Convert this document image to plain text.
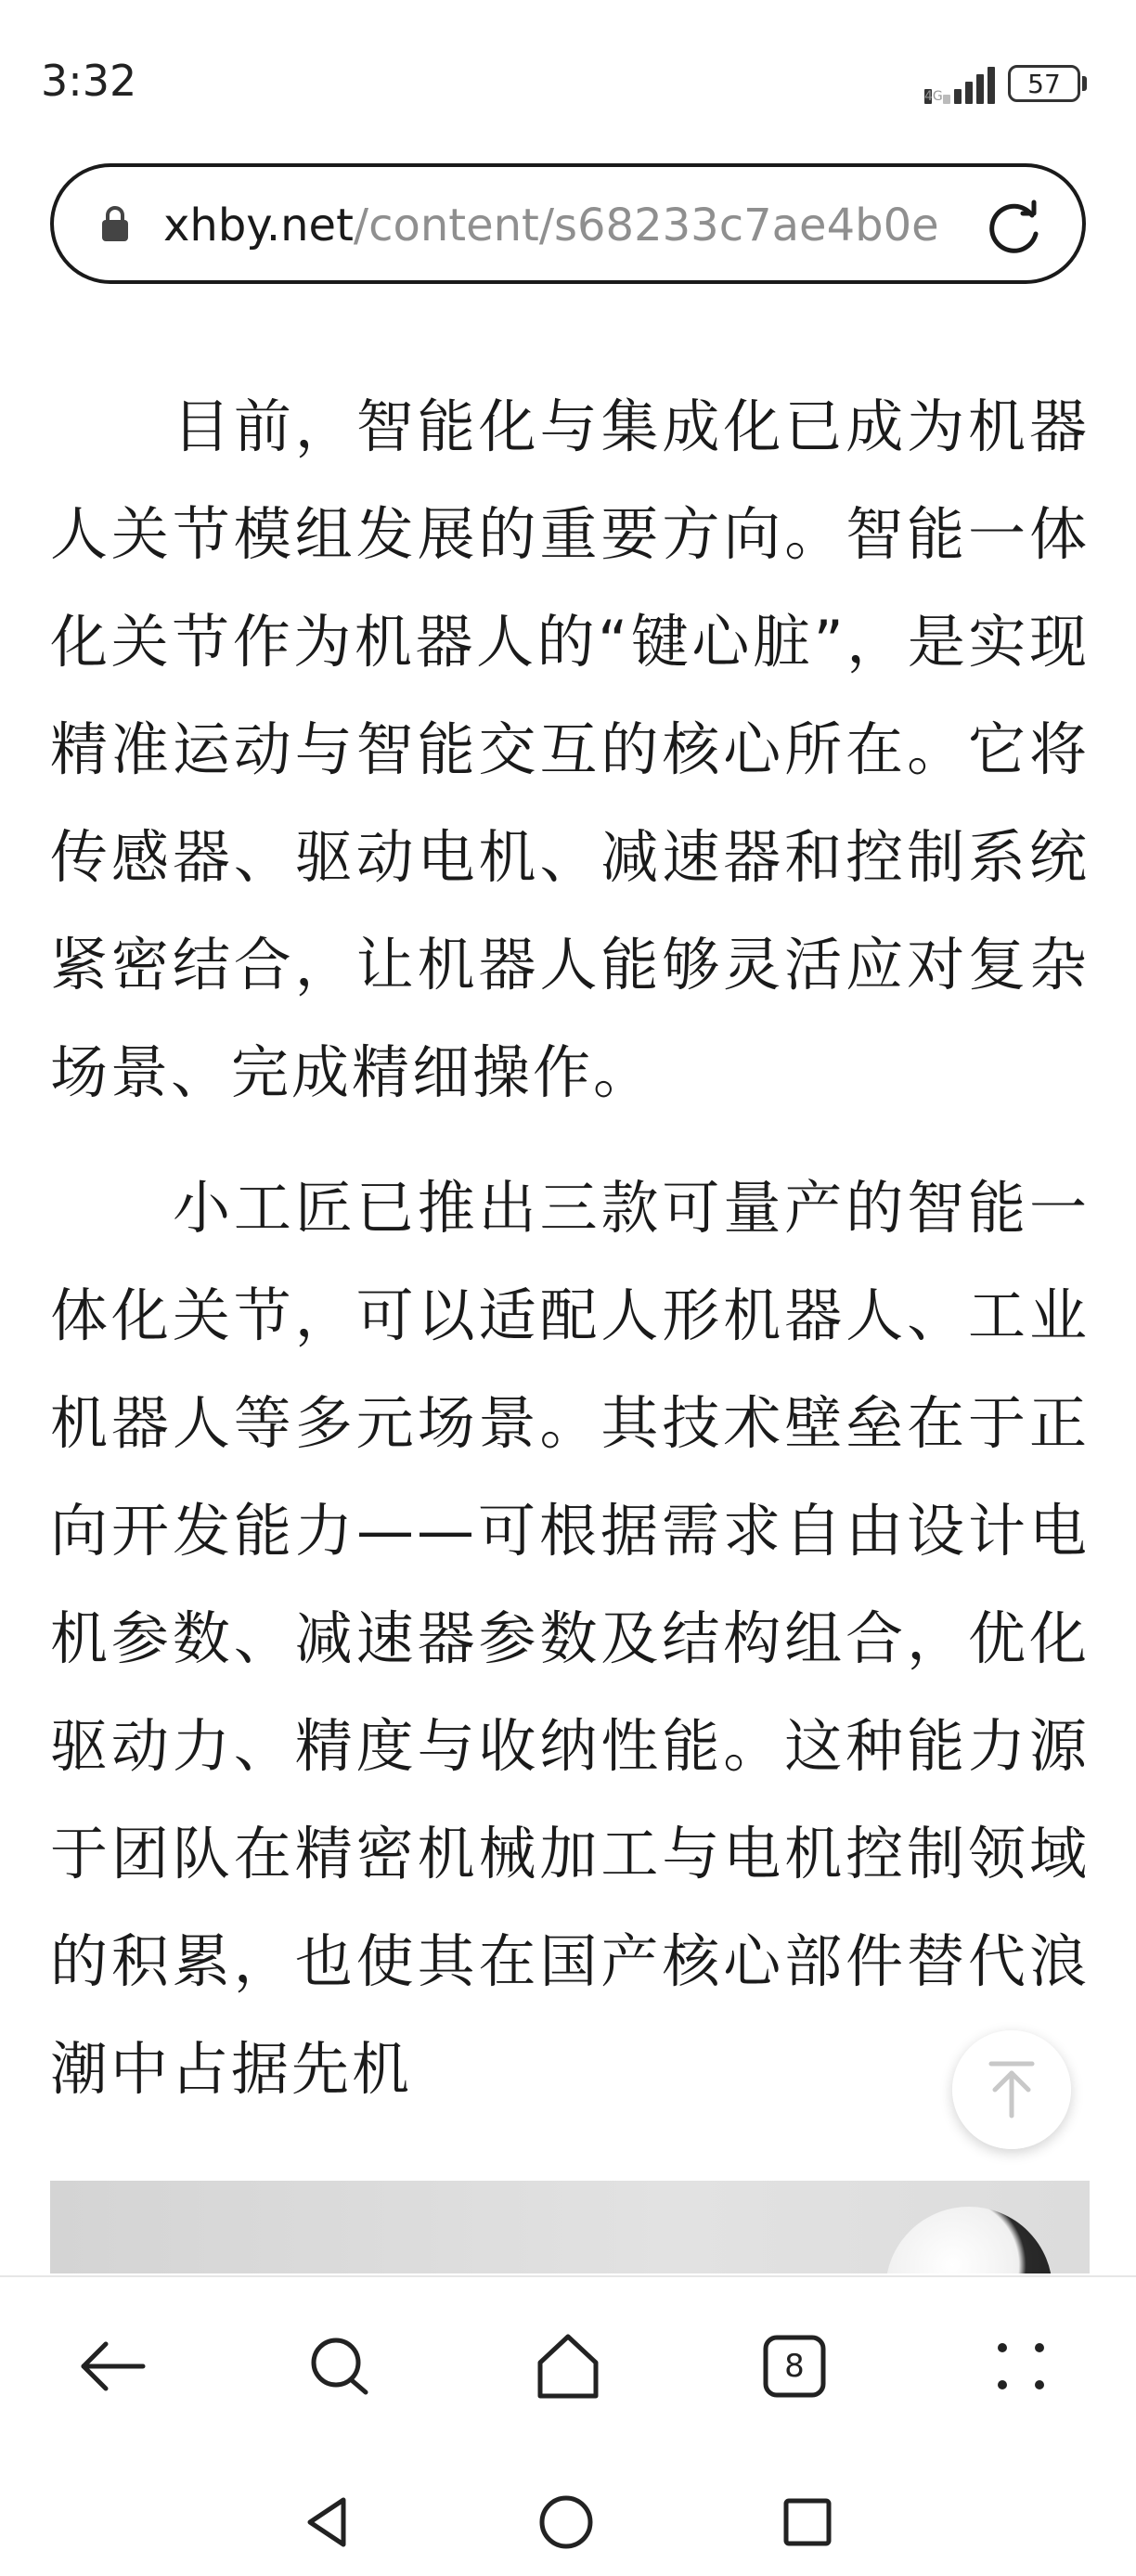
3:32	4G	57
xhby.net/content/s68233c7ae4b0e

目前，智能化与集成化已成为机器人关节模组发展的重要方向。智能一体化关节作为机器人的“键心脏”，是实现精准运动与智能交互的核心所在。它将传感器、驱动电机、减速器和控制系统紧密结合，让机器人能够灵活应对复杂场景、完成精细操作。

小工匠已推出三款可量产的智能一体化关节，可以适配人形机器人、工业机器人等多元场景。其技术壁垒在于正向开发能力——可根据需求自由设计电机参数、减速器参数及结构组合，优化驱动力、精度与收纳性能。这种能力源于团队在精密机械加工与电机控制领域的积累，也使其在国产核心部件替代浪潮中占据先机

8
